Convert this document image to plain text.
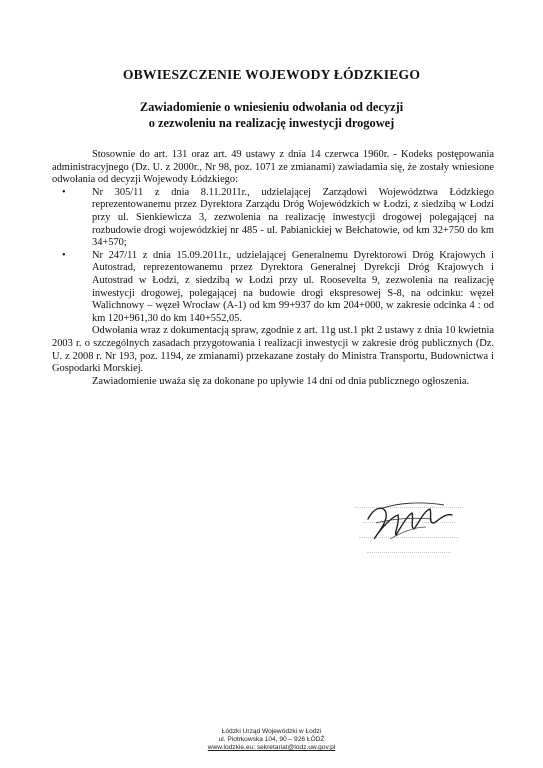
OBWIESZCZENIE WOJEWODY ŁÓDZKIEGO
Zawiadomienie o wniesieniu odwołania od decyzji
o zezwoleniu na realizację inwestycji drogowej

Stosownie do art. 131 oraz art. 49 ustawy z dnia 14 czerwca 1960r. - Kodeks postępowania administracyjnego (Dz. U. z 2000r., Nr 98, poz. 1071 ze zmianami) zawiadamia się, że zostały wniesione odwołania od decyzji Wojewody Łódzkiego:

•	Nr 305/11 z dnia 8.11.2011r., udzielającej Zarządowi Województwa Łódzkiego reprezentowanemu przez Dyrektora Zarządu Dróg Wojewódzkich w Łodzi, z siedzibą w Łodzi przy ul. Sienkiewicza 3, zezwolenia na realizację inwestycji drogowej polegającej na rozbudowie drogi wojewódzkiej nr 485 - ul. Pabianickiej w Bełchatowie, od km 32+750 do km 34+570;
•	Nr 247/11 z dnia 15.09.2011r., udzielającej Generalnemu Dyrektorowi Dróg Krajowych i Autostrad, reprezentowanemu przez Dyrektora Generalnej Dyrekcji Dróg Krajowych i Autostrad w Łodzi, z siedzibą w Łodzi przy ul. Roosevelta 9, zezwolenia na realizację inwestycji drogowej, polegającej na budowie drogi ekspresowej S-8, na odcinku: węzeł Walichnowy – węzeł Wrocław (A-1) od km 99+937 do km 204+000, w zakresie odcinka 4 : od km 120+961,30 do km 140+552,05.

Odwołania wraz z dokumentacją spraw, zgodnie z art. 11g ust.1 pkt 2 ustawy z dnia 10 kwietnia 2003 r. o szczególnych zasadach przygotowania i realizacji inwestycji w zakresie dróg publicznych (Dz. U. z 2008 r. Nr 193, poz. 1194, ze zmianami) przekazane zostały do Ministra Transportu, Budownictwa i Gospodarki Morskiej.

Zawiadomienie uważa się za dokonane po upływie 14 dni od dnia publicznego ogłoszenia.

Łódzki Urząd Wojewódzki w Łodzi
ul. Piotrkowska 104, 90 – 926 ŁÓDŹ
www.lodzkie.eu; sekretariat@lodz.uw.gov.pl
